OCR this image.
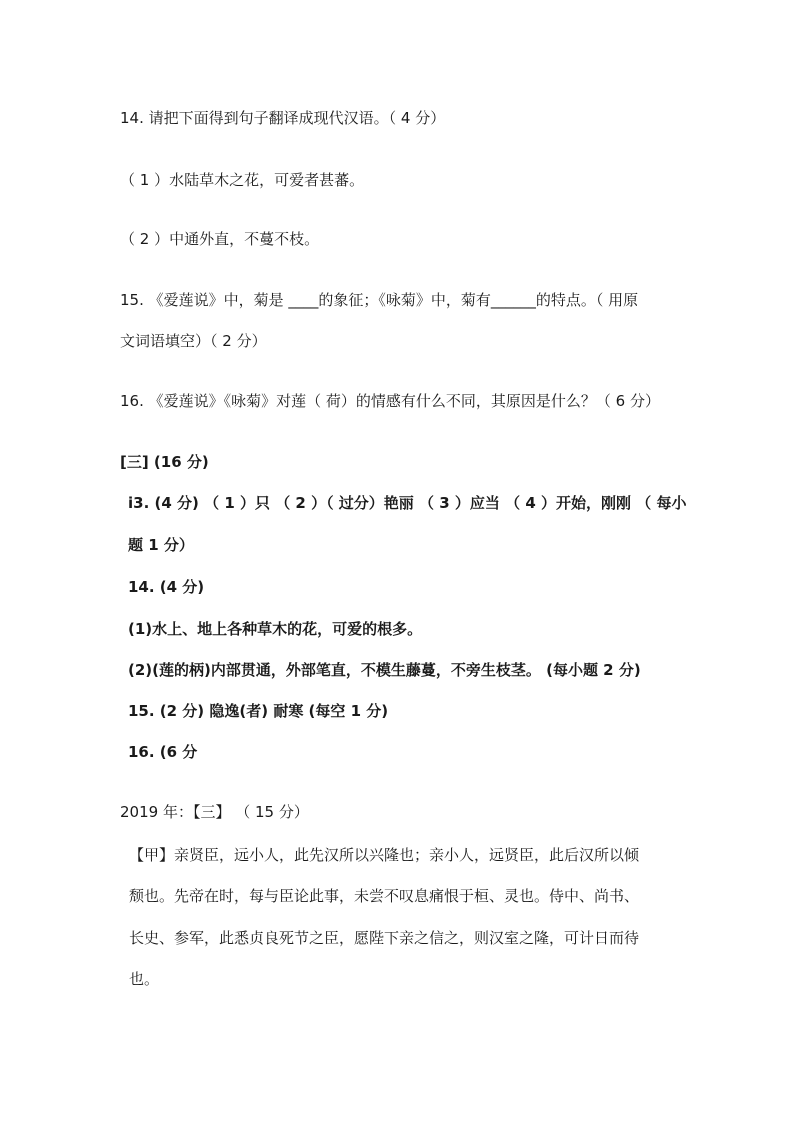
14. 请把下面得到句子翻译成现代汉语。（ 4 分）
（ 1 ）水陆草木之花，可爱者甚蕃。
（ 2 ）中通外直，不蔓不枝。
15. 《爱莲说》中，菊是 ____的象征；《咏菊》中，菊有______的特点。（ 用原
文词语填空）（ 2 分）
16. 《爱莲说》《咏菊》对莲（ 荷）的情感有什么不同，其原因是什么？（ 6 分）
[三] (16 分)
i3. (4 分) （ 1 ）只 （ 2 ）（ 过分）艳丽 （ 3 ）应当 （ 4 ）开始，刚刚 （ 每小
题 1 分）
14. (4 分)
(1)水上、地上各种草木的花，可爱的根多。
(2)(莲的柄)内部贯通，外部笔直，不模生藤蔓，不旁生枝茎。 (每小题 2 分)
15. (2 分) 隐逸(者) 耐寒 (每空 1 分)
16. (6 分
2019 年：【三】 （ 15 分）
【甲】亲贤臣，远小人，此先汉所以兴隆也；亲小人，远贤臣，此后汉所以倾
颓也。先帝在时，每与臣论此事，未尝不叹息痛恨于桓、灵也。侍中、尚书、
长史、参军，此悉贞良死节之臣，愿陛下亲之信之，则汉室之隆，可计日而待
也。
